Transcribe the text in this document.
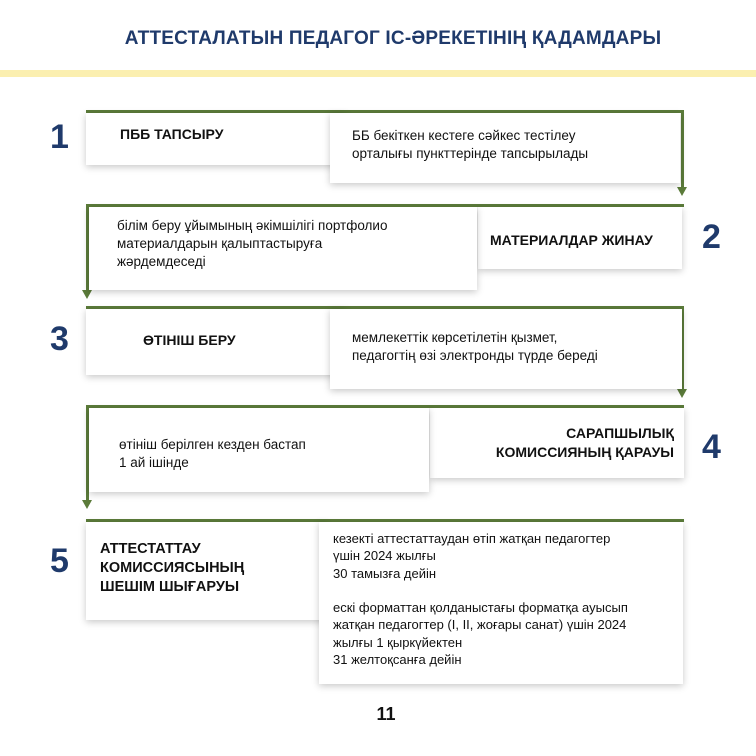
АТТЕСТАЛАТЫН ПЕДАГОГ ІС-ӘРЕКЕТІНІҢ ҚАДАМДАРЫ
1	ПББ ТАПСЫРУ	ББ бекіткен кестеге сәйкес тестілеу
орталығы пункттерінде тапсырылады
2
МАТЕРИАЛДАР ЖИНАУ
білім беру ұйымының әкімшілігі портфолио
материалдарын қалыптастыруға
жәрдемдеседі
3	ӨТІНІШ БЕРУ	мемлекеттік көрсетілетін қызмет,
педагогтің өзі электронды түрде береді
4
САРАПШЫЛЫҚ
КОМИССИЯНЫҢ ҚАРАУЫ
өтініш берілген кезден бастап
1 ай ішінде
5	АТТЕСТАТТАУ
КОМИССИЯСЫНЫҢ
ШЕШІМ ШЫҒАРУЫ
кезекті аттестаттаудан өтіп жатқан педагогтер
үшін 2024 жылғы
30 тамызға дейін

ескі форматтан қолданыстағы форматқа ауысып
жатқан педагогтер (I, II, жоғары санат) үшін 2024
жылғы 1 қыркүйектен
31 желтоқсанға дейін
11
